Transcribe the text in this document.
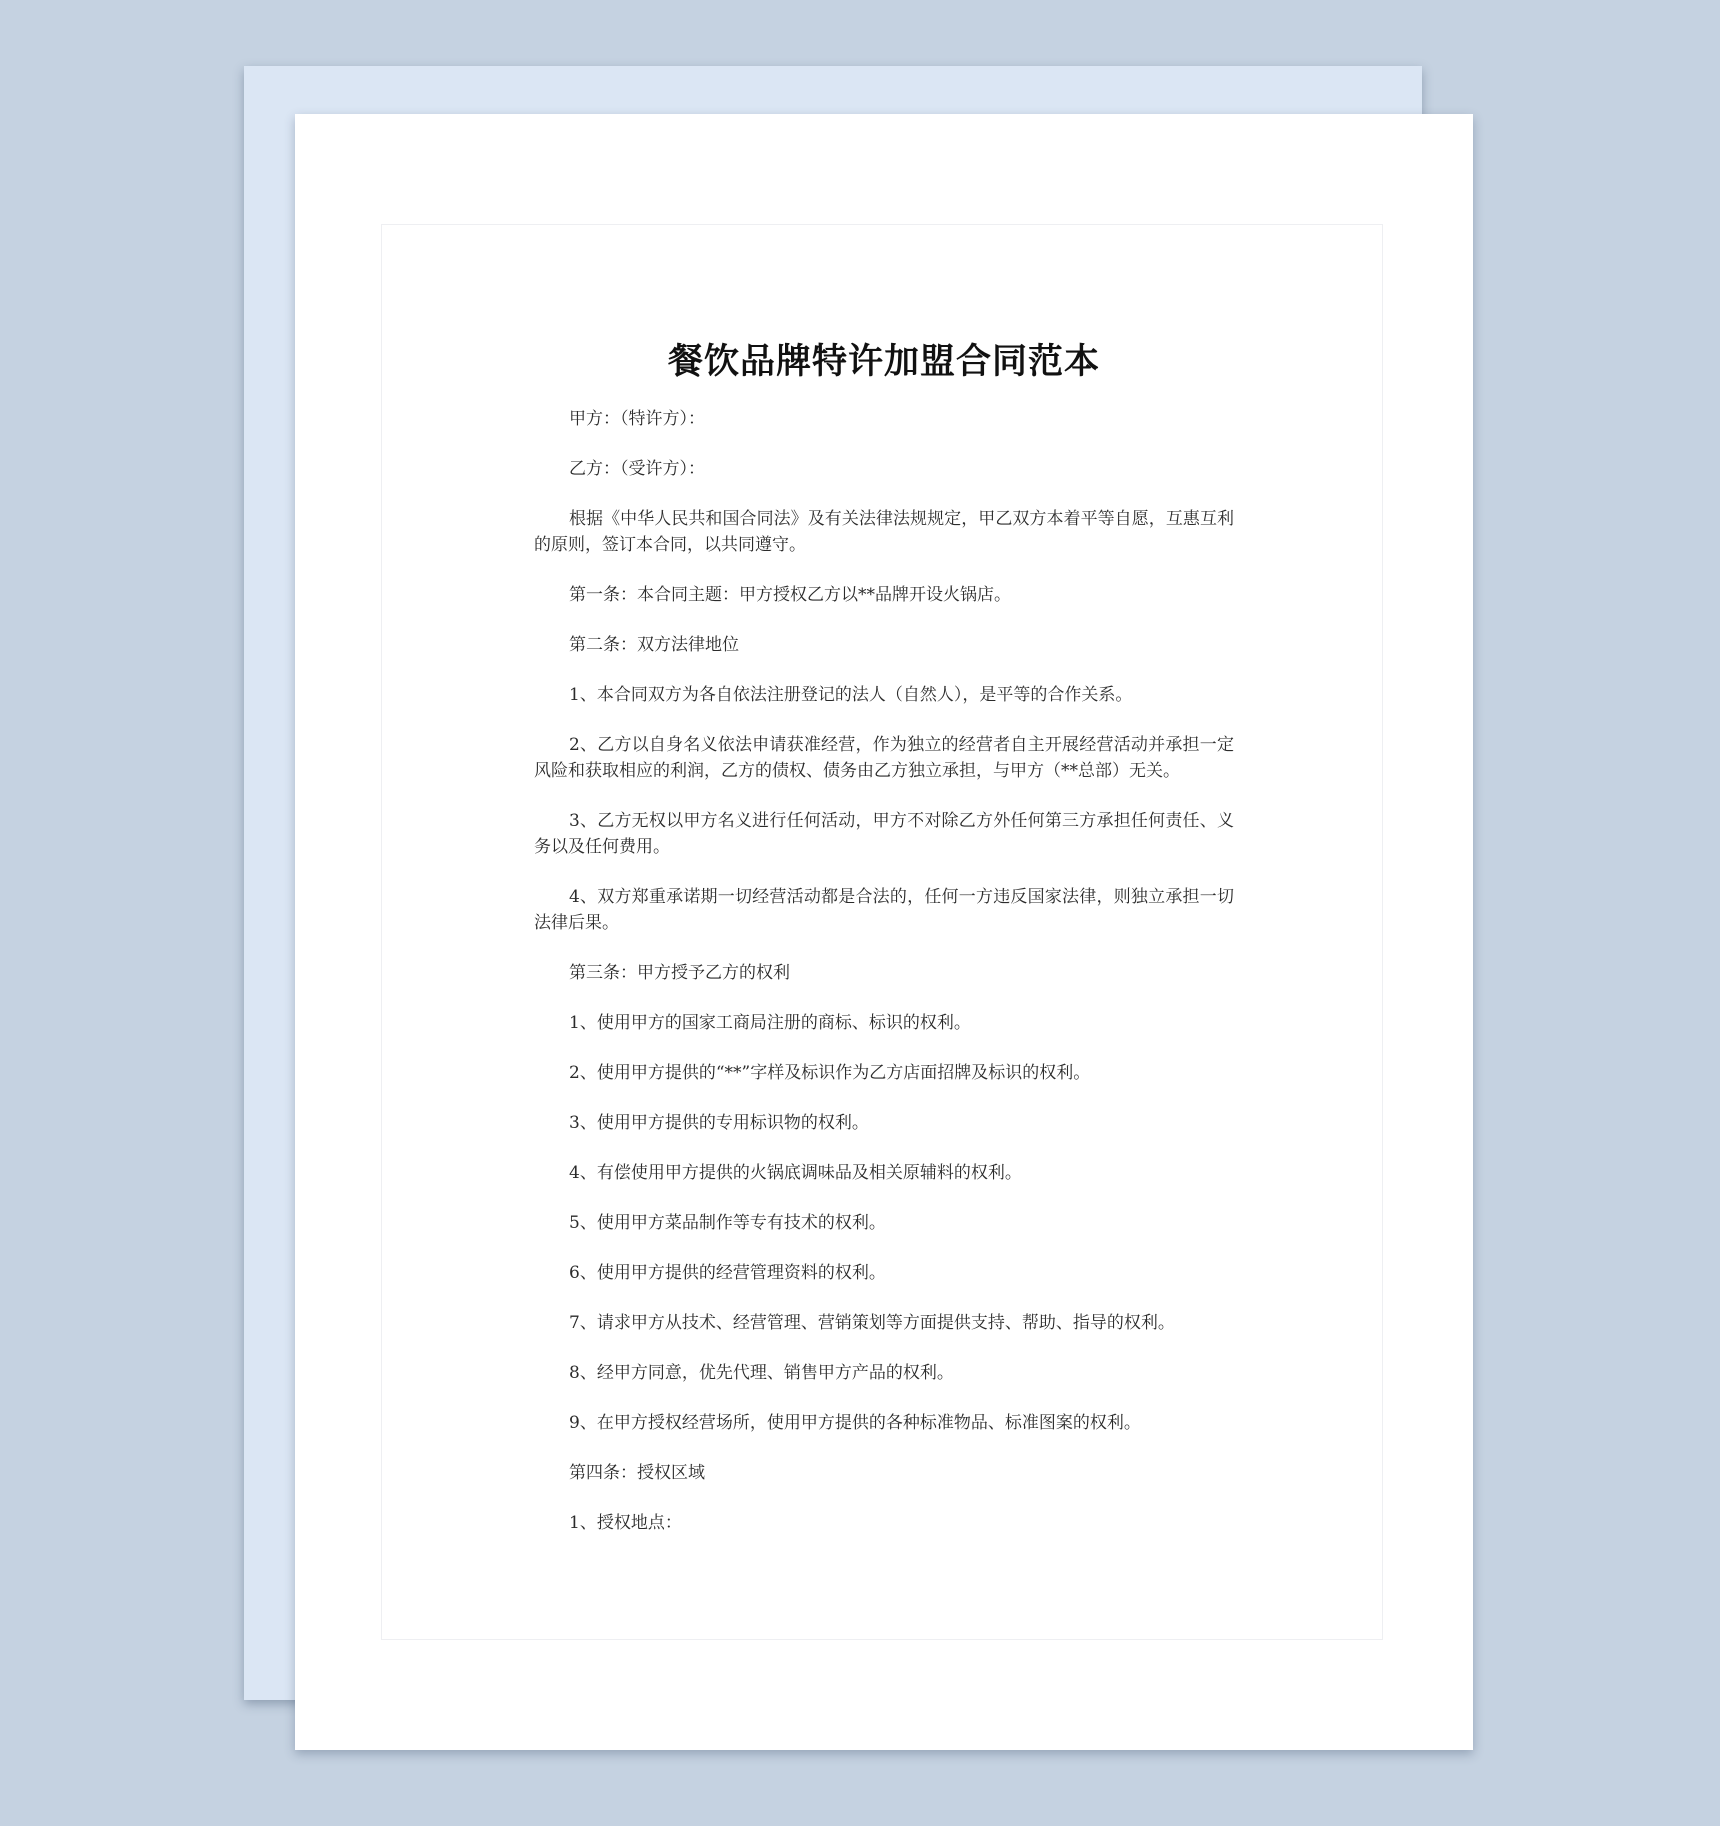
餐饮品牌特许加盟合同范本

甲方：（特许方）：

乙方：（受许方）：

根据《中华人民共和国合同法》及有关法律法规规定，甲乙双方本着平等自愿，互惠互利的原则，签订本合同，以共同遵守。

第一条：本合同主题：甲方授权乙方以**品牌开设火锅店。

第二条：双方法律地位

1、本合同双方为各自依法注册登记的法人（自然人），是平等的合作关系。

2、乙方以自身名义依法申请获准经营，作为独立的经营者自主开展经营活动并承担一定风险和获取相应的利润，乙方的债权、债务由乙方独立承担，与甲方（**总部）无关。

3、乙方无权以甲方名义进行任何活动，甲方不对除乙方外任何第三方承担任何责任、义务以及任何费用。

4、双方郑重承诺期一切经营活动都是合法的，任何一方违反国家法律，则独立承担一切法律后果。

第三条：甲方授予乙方的权利

1、使用甲方的国家工商局注册的商标、标识的权利。

2、使用甲方提供的“**”字样及标识作为乙方店面招牌及标识的权利。

3、使用甲方提供的专用标识物的权利。

4、有偿使用甲方提供的火锅底调味品及相关原辅料的权利。

5、使用甲方菜品制作等专有技术的权利。

6、使用甲方提供的经营管理资料的权利。

7、请求甲方从技术、经营管理、营销策划等方面提供支持、帮助、指导的权利。

8、经甲方同意，优先代理、销售甲方产品的权利。

9、在甲方授权经营场所，使用甲方提供的各种标准物品、标准图案的权利。

第四条：授权区域

1、授权地点：
